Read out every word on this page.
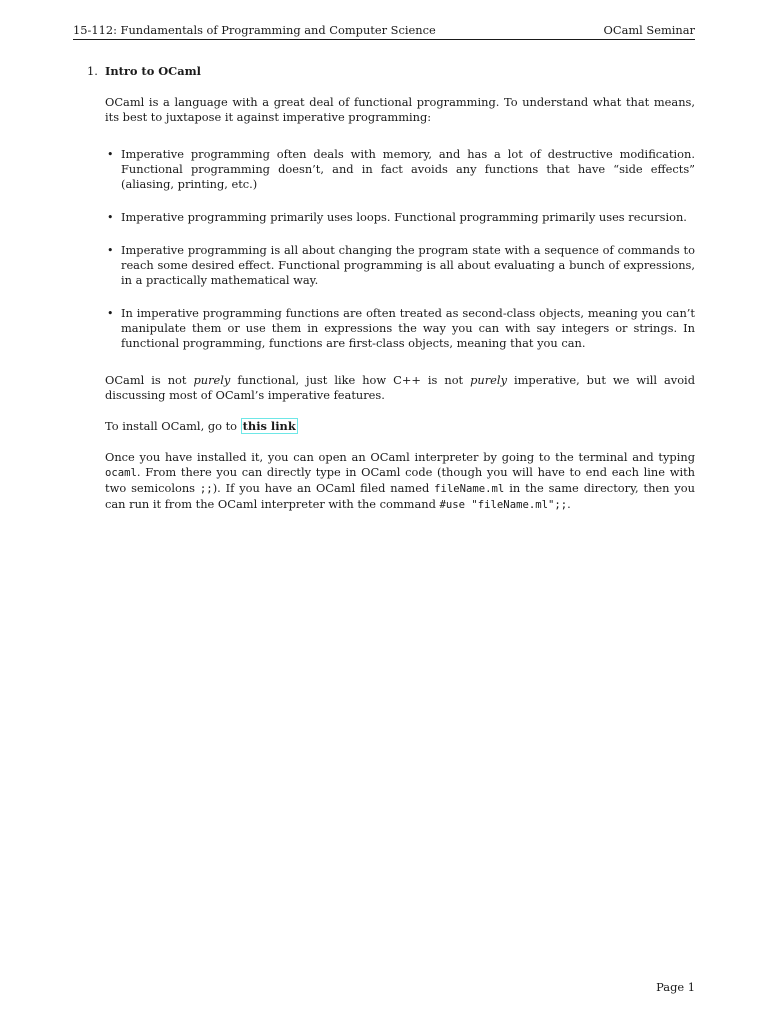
15-112: Fundamentals of Programming and Computer Science	OCaml Seminar
1. Intro to OCaml

OCaml is a language with a great deal of functional programming. To understand what that means, its best to juxtapose it against imperative programming:

• Imperative programming often deals with memory, and has a lot of destructive modification. Functional programming doesn’t, and in fact avoids any functions that have “side effects” (aliasing, printing, etc.)
• Imperative programming primarily uses loops. Functional programming primarily uses recursion.
• Imperative programming is all about changing the program state with a sequence of commands to reach some desired effect. Functional programming is all about evaluating a bunch of expressions, in a practically mathematical way.
• In imperative programming functions are often treated as second-class objects, meaning you can’t manipulate them or use them in expressions the way you can with say integers or strings. In functional programming, functions are first-class objects, meaning that you can.

OCaml is not purely functional, just like how C++ is not purely imperative, but we will avoid discussing most of OCaml’s imperative features.

To install OCaml, go to this link

Once you have installed it, you can open an OCaml interpreter by going to the terminal and typing ocaml. From there you can directly type in OCaml code (though you will have to end each line with two semicolons ;;). If you have an OCaml filed named fileName.ml in the same directory, then you can run it from the OCaml interpreter with the command #use "fileName.ml";;.

Page 1
